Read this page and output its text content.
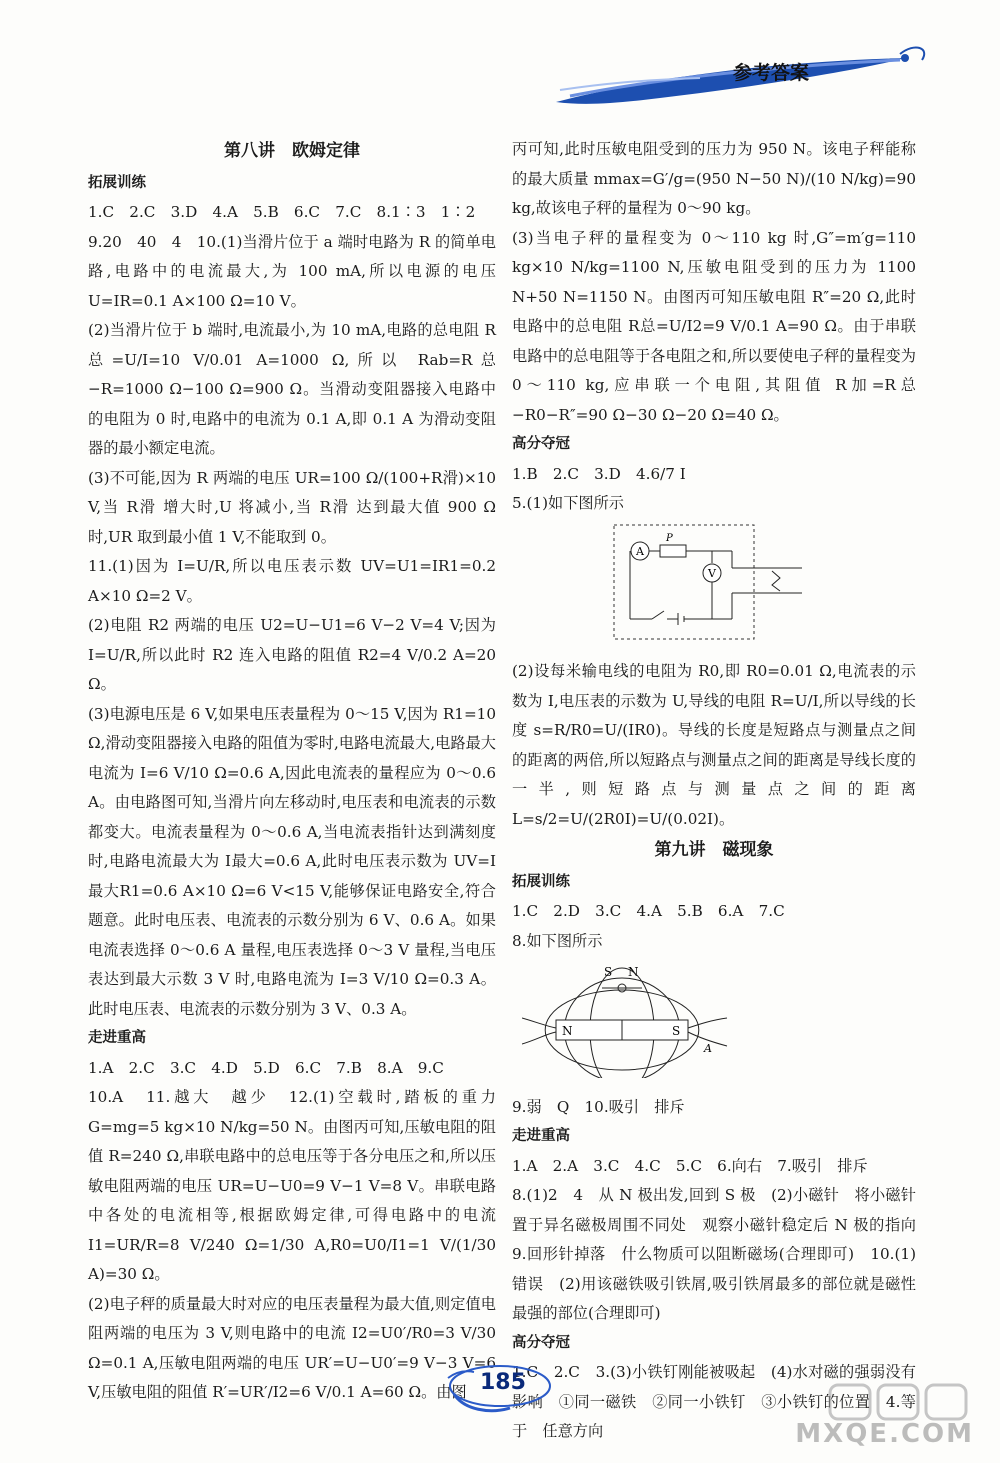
参考答案
第八讲　欧姆定律
拓展训练

1.C　2.C　3.D　4.A　5.B　6.C　7.C　8.1∶3　1∶2

9.20　40　4　10.(1)当滑片位于 a 端时电路为 R 的简单电路,电路中的电流最大,为 100 mA,所以电源的电压 U=IR=0.1 A×100 Ω=10 V。

(2)当滑片位于 b 端时,电流最小,为 10 mA,电路的总电阻 R总=U/I=10 V/0.01 A=1000 Ω,所以 Rab=R总−R=1000 Ω−100 Ω=900 Ω。当滑动变阻器接入电路中的电阻为 0 时,电路中的电流为 0.1 A,即 0.1 A 为滑动变阻器的最小额定电流。

(3)不可能,因为 R 两端的电压 UR=100 Ω/(100+R滑)×10 V,当 R滑 增大时,U 将减小,当 R滑 达到最大值 900 Ω 时,UR 取到最小值 1 V,不能取到 0。

11.(1)因为 I=U/R,所以电压表示数 UV=U1=IR1=0.2 A×10 Ω=2 V。

(2)电阻 R2 两端的电压 U2=U−U1=6 V−2 V=4 V;因为 I=U/R,所以此时 R2 连入电路的阻值 R2=4 V/0.2 A=20 Ω。

(3)电源电压是 6 V,如果电压表量程为 0～15 V,因为 R1=10 Ω,滑动变阻器接入电路的阻值为零时,电路电流最大,电路最大电流为 I=6 V/10 Ω=0.6 A,因此电流表的量程应为 0～0.6 A。由电路图可知,当滑片向左移动时,电压表和电流表的示数都变大。电流表量程为 0～0.6 A,当电流表指针达到满刻度时,电路电流最大为 I最大=0.6 A,此时电压表示数为 UV=I最大R1=0.6 A×10 Ω=6 V<15 V,能够保证电路安全,符合题意。此时电压表、电流表的示数分别为 6 V、0.6 A。如果电流表选择 0～0.6 A 量程,电压表选择 0～3 V 量程,当电压表达到最大示数 3 V 时,电路电流为 I=3 V/10 Ω=0.3 A。此时电压表、电流表的示数分别为 3 V、0.3 A。

走进重高

1.A　2.C　3.C　4.D　5.D　6.C　7.B　8.A　9.C

10.A　11.越大　越少　12.(1)空载时,踏板的重力 G=mg=5 kg×10 N/kg=50 N。由图丙可知,压敏电阻的阻值 R=240 Ω,串联电路中的总电压等于各分电压之和,所以压敏电阻两端的电压 UR=U−U0=9 V−1 V=8 V。串联电路中各处的电流相等,根据欧姆定律,可得电路中的电流 I1=UR/R=8 V/240 Ω=1/30 A,R0=U0/I1=1 V/(1/30 A)=30 Ω。

(2)电子秤的质量最大时对应的电压表量程为最大值,则定值电阻两端的电压为 3 V,则电路中的电流 I2=U0′/R0=3 V/30 Ω=0.1 A,压敏电阻两端的电压 UR′=U−U0′=9 V−3 V=6 V,压敏电阻的阻值 R′=UR′/I2=6 V/0.1 A=60 Ω。由图

丙可知,此时压敏电阻受到的压力为 950 N。该电子秤能称的最大质量 mmax=G′/g=(950 N−50 N)/(10 N/kg)=90 kg,故该电子秤的量程为 0～90 kg。

(3)当电子秤的量程变为 0～110 kg 时,G″=m′g=110 kg×10 N/kg=1100 N,压敏电阻受到的压力为 1100 N+50 N=1150 N。由图丙可知压敏电阻 R″=20 Ω,此时电路中的总电阻 R总=U/I2=9 V/0.1 A=90 Ω。由于串联电路中的总电阻等于各电阻之和,所以要使电子秤的量程变为 0～110 kg,应串联一个电阻,其阻值 R加=R总−R0−R″=90 Ω−30 Ω−20 Ω=40 Ω。

高分夺冠

1.B　2.C　3.D　4.6/7 I

5.(1)如下图所示

A
P
V

(2)设每米输电线的电阻为 R0,即 R0=0.01 Ω,电流表的示数为 I,电压表的示数为 U,导线的电阻 R=U/I,所以导线的长度 s=R/R0=U/(IR0)。导线的长度是短路点与测量点之间的距离的两倍,所以短路点与测量点之间的距离是导线长度的一半,则短路点与测量点之间的距离 L=s/2=U/(2R0I)=U/(0.02I)。

第九讲　磁现象
拓展训练

1.C　2.D　3.C　4.A　5.B　6.A　7.C

8.如下图所示

S N
N	S
A

9.弱　Q　10.吸引　排斥

走进重高

1.A　2.A　3.C　4.C　5.C　6.向右　7.吸引　排斥

8.(1)2　4　从 N 极出发,回到 S 极　(2)小磁针　将小磁针置于异名磁极周围不同处　观察小磁针稳定后 N 极的指向　9.回形针掉落　什么物质可以阻断磁场(合理即可)　10.(1)错误　(2)用该磁铁吸引铁屑,吸引铁屑最多的部位就是磁性最强的部位(合理即可)

高分夺冠

1.C　2.C　3.(3)小铁钉刚能被吸起　(4)水对磁的强弱没有影响　①同一磁铁　②同一小铁钉　③小铁钉的位置　4.等于　任意方向

185
MXQE.COM
